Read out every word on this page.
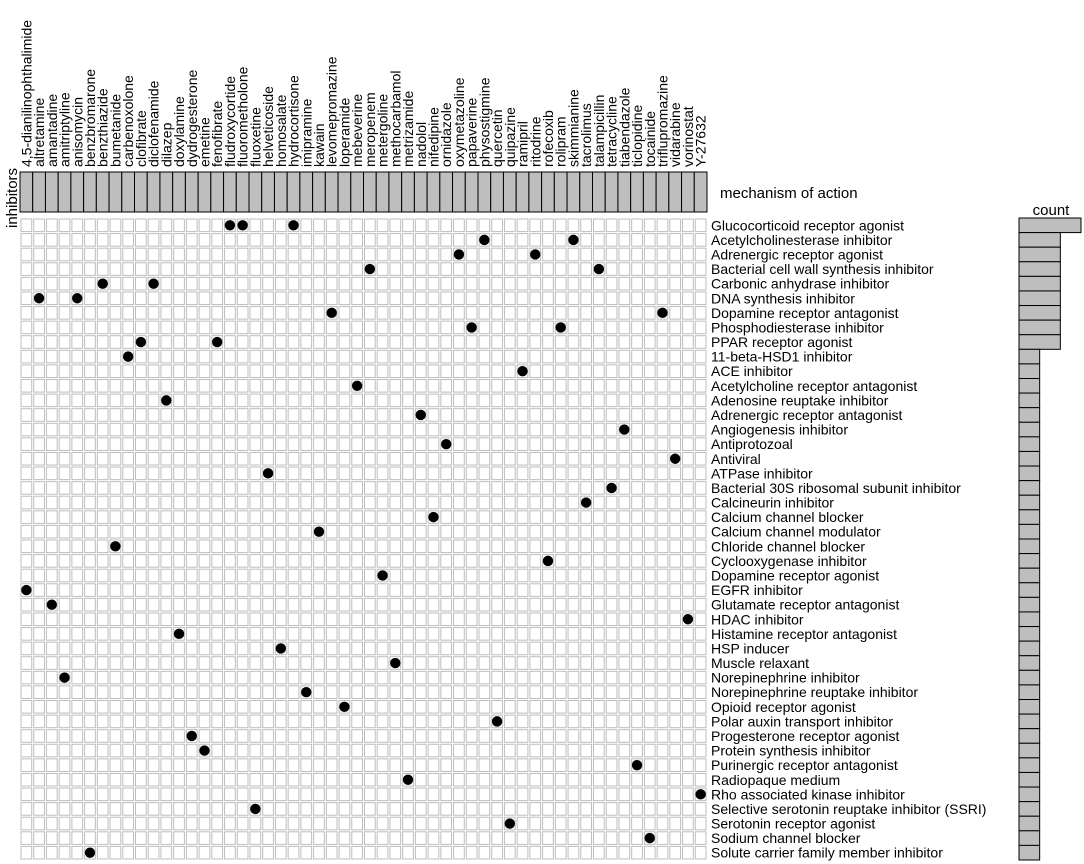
4,5-dianilinophthalimide
altretamine
amantadine
amitriptyline
anisomycin
benzbromarone
benzthiazide
bumetanide
carbenoxolone
clofibrate
diclofenamide
dilazep
doxylamine
dydrogesterone
emetine
fenofibrate
fludroxycortide
fluorometholone
fluoxetine
helveticoside
homosalate
hydrocortisone
imipramine
kawain
levomepromazine
loperamide
mebeverine
meropenem
metergoline
methocarbamol
metrizamide
nadolol
nifedipine
ornidazole
oxymetazoline
papaverine
physostigmine
quercetin
quipazine
ramipril
ritodrine
rofecoxib
rolipram
skimmianine
tacrolimus
talampicillin
tetracycline
tiabendazole
ticlopidine
tocainide
triflupromazine
vidarabine
vorinostat
Y-27632
Glucocorticoid receptor agonist
Acetylcholinesterase inhibitor
Adrenergic receptor agonist
Bacterial cell wall synthesis inhibitor
Carbonic anhydrase inhibitor
DNA synthesis inhibitor
Dopamine receptor antagonist
Phosphodiesterase inhibitor
PPAR receptor agonist
11-beta-HSD1 inhibitor
ACE inhibitor
Acetylcholine receptor antagonist
Adenosine reuptake inhibitor
Adrenergic receptor antagonist
Angiogenesis inhibitor
Antiprotozoal
Antiviral
ATPase inhibitor
Bacterial 30S ribosomal subunit inhibitor
Calcineurin inhibitor
Calcium channel blocker
Calcium channel modulator
Chloride channel blocker
Cyclooxygenase inhibitor
Dopamine receptor agonist
EGFR inhibitor
Glutamate receptor antagonist
HDAC inhibitor
Histamine receptor antagonist
HSP inducer
Muscle relaxant
Norepinephrine inhibitor
Norepinephrine reuptake inhibitor
Opioid receptor agonist
Polar auxin transport inhibitor
Progesterone receptor agonist
Protein synthesis inhibitor
Purinergic receptor antagonist
Radiopaque medium
Rho associated kinase inhibitor
Selective serotonin reuptake inhibitor (SSRI)
Serotonin receptor agonist
Sodium channel blocker
Solute carrier family member inhibitor
inhibitors	mechanism of action
count
